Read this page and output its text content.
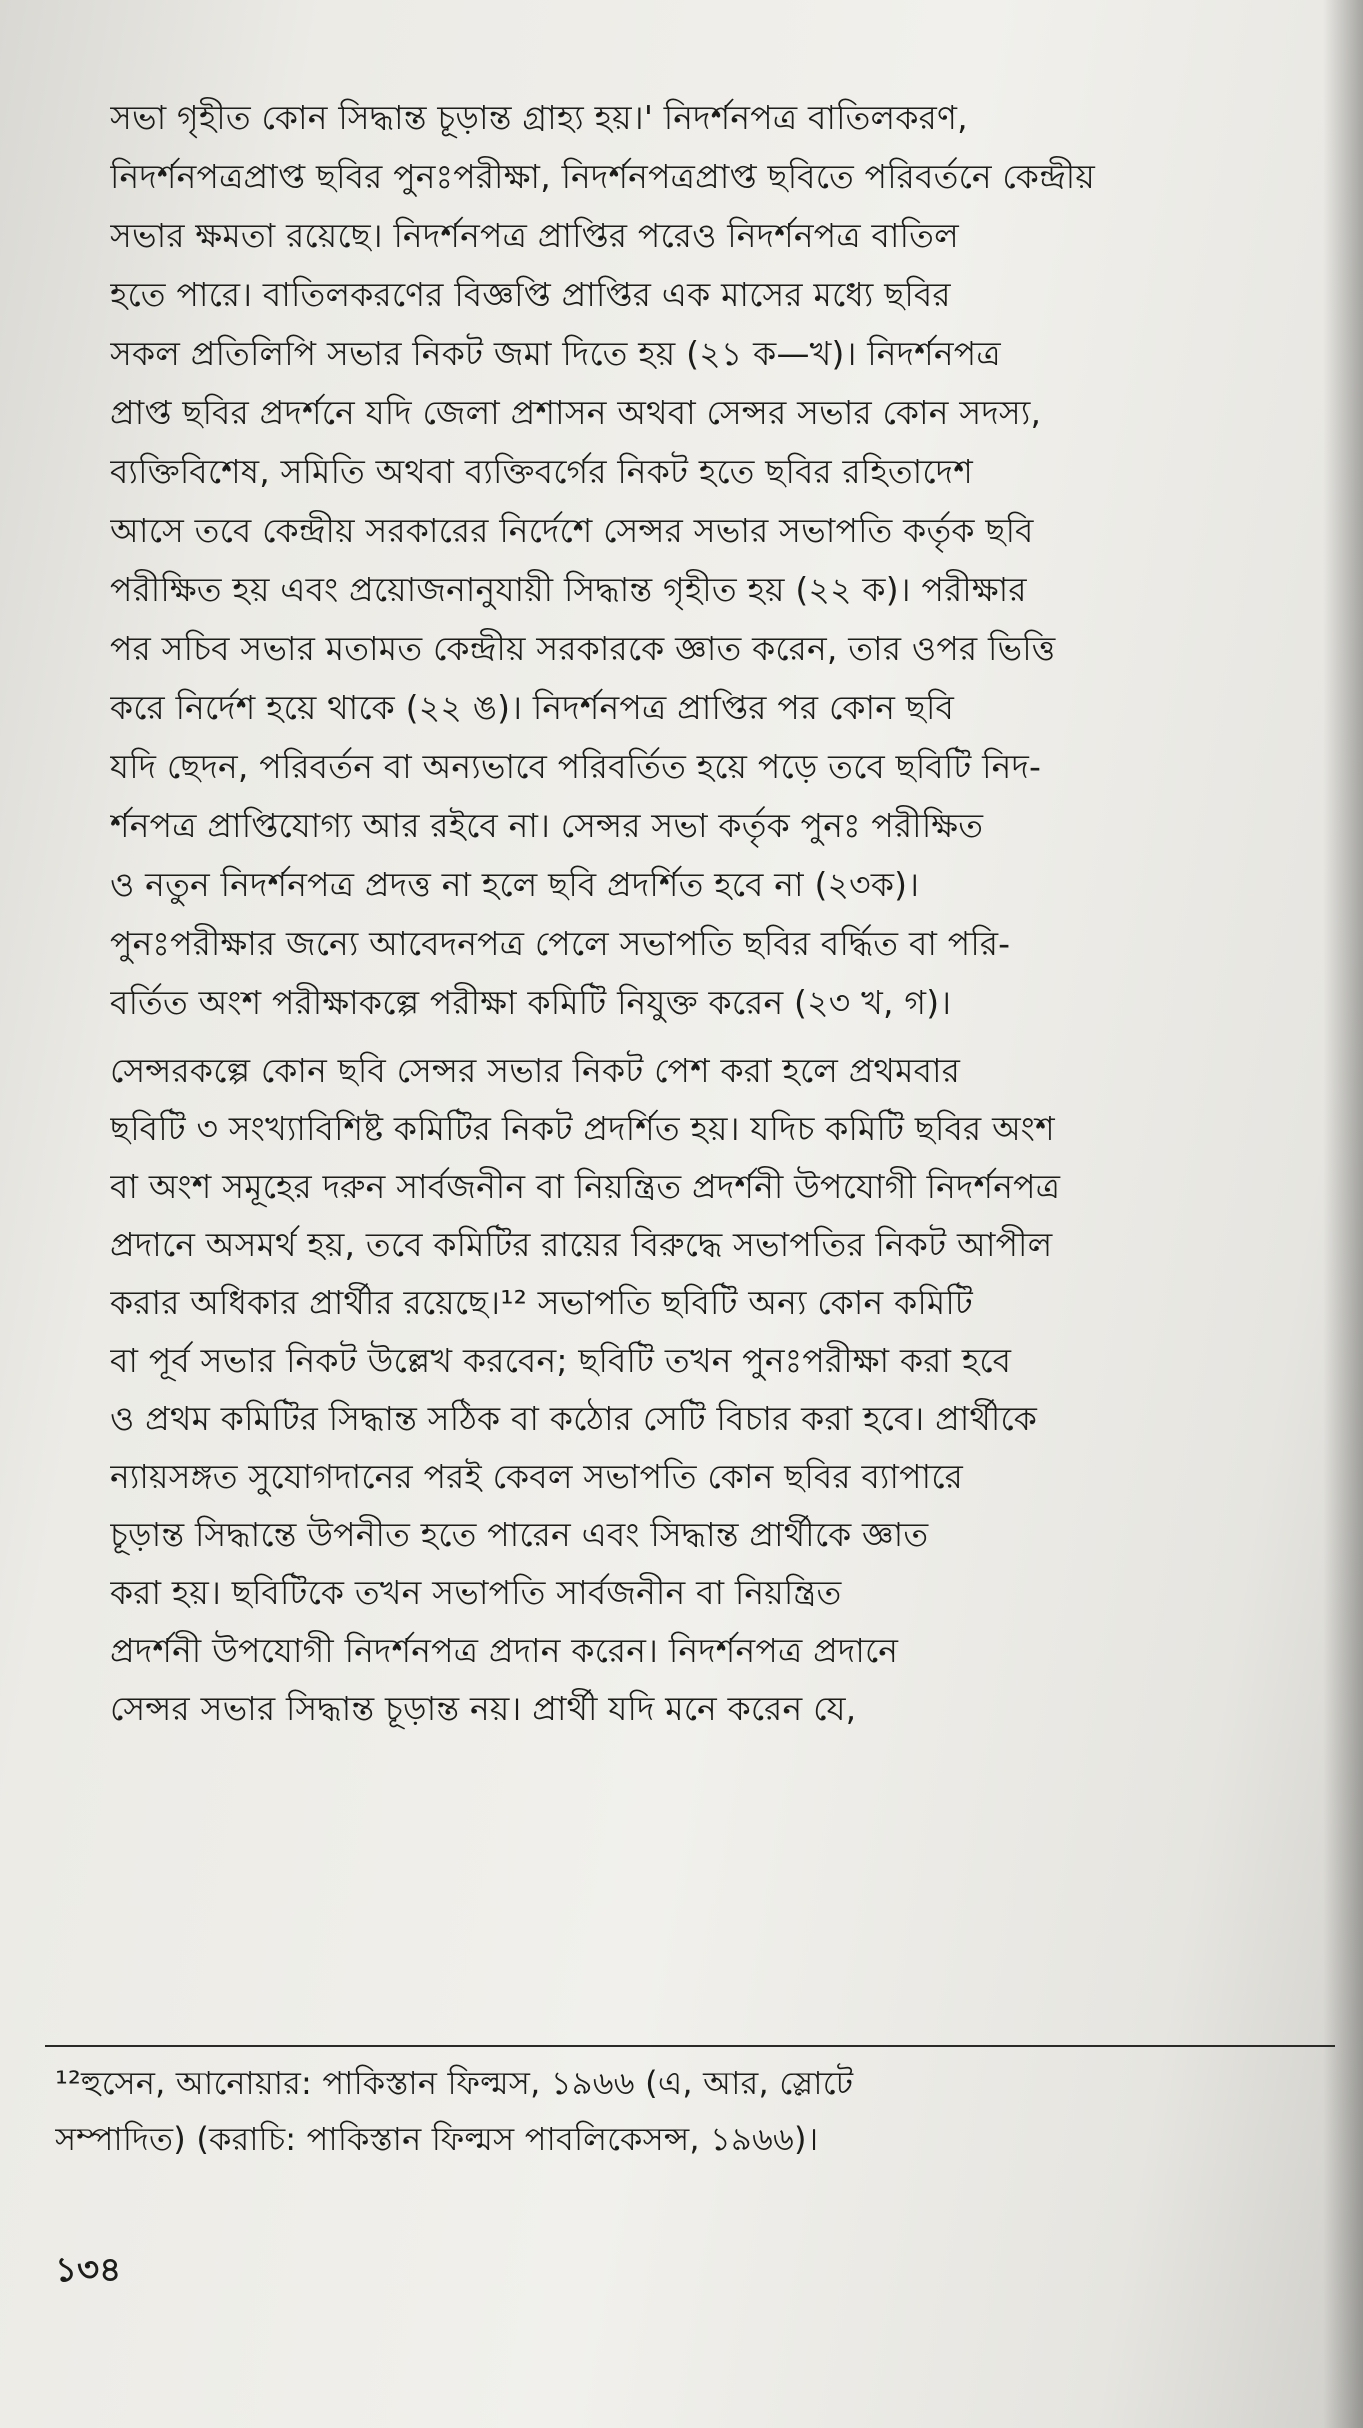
সভা গৃহীত কোন সিদ্ধান্ত চূড়ান্ত গ্রাহ্য হয়।' নিদর্শনপত্র বাতিলকরণ,
নিদর্শনপত্রপ্রাপ্ত ছবির পুনঃপরীক্ষা, নিদর্শনপত্রপ্রাপ্ত ছবিতে পরিবর্তনে কেন্দ্রীয়
সভার ক্ষমতা রয়েছে। নিদর্শনপত্র প্রাপ্তির পরেও নিদর্শনপত্র বাতিল
হতে পারে। বাতিলকরণের বিজ্ঞপ্তি প্রাপ্তির এক মাসের মধ্যে ছবির
সকল প্রতিলিপি সভার নিকট জমা দিতে হয় (২১ ক—খ)। নিদর্শনপত্র
প্রাপ্ত ছবির প্রদর্শনে যদি জেলা প্রশাসন অথবা সেন্সর সভার কোন সদস্য,
ব্যক্তিবিশেষ, সমিতি অথবা ব্যক্তিবর্গের নিকট হতে ছবির রহিতাদেশ
আসে তবে কেন্দ্রীয় সরকারের নির্দেশে সেন্সর সভার সভাপতি কর্তৃক ছবি
পরীক্ষিত হয় এবং প্রয়োজনানুযায়ী সিদ্ধান্ত গৃহীত হয় (২২ ক)। পরীক্ষার
পর সচিব সভার মতামত কেন্দ্রীয় সরকারকে জ্ঞাত করেন, তার ওপর ভিত্তি
করে নির্দেশ হয়ে থাকে (২২ ঙ)। নিদর্শনপত্র প্রাপ্তির পর কোন ছবি
যদি ছেদন, পরিবর্তন বা অন্যভাবে পরিবর্তিত হয়ে পড়ে তবে ছবিটি নিদ-
র্শনপত্র প্রাপ্তিযোগ্য আর রইবে না। সেন্সর সভা কর্তৃক পুনঃ পরীক্ষিত
ও নতুন নিদর্শনপত্র প্রদত্ত না হলে ছবি প্রদর্শিত হবে না (২৩ক)।
পুনঃপরীক্ষার জন্যে আবেদনপত্র পেলে সভাপতি ছবির বর্দ্ধিত বা পরি-
বর্তিত অংশ পরীক্ষাকল্পে পরীক্ষা কমিটি নিযুক্ত করেন (২৩ খ, গ)।
সেন্সরকল্পে কোন ছবি সেন্সর সভার নিকট পেশ করা হলে প্রথমবার
ছবিটি ৩ সংখ্যাবিশিষ্ট কমিটির নিকট প্রদর্শিত হয়। যদিচ কমিটি ছবির অংশ
বা অংশ সমূহের দরুন সার্বজনীন বা নিয়ন্ত্রিত প্রদর্শনী উপযোগী নিদর্শনপত্র
প্রদানে অসমর্থ হয়, তবে কমিটির রায়ের বিরুদ্ধে সভাপতির নিকট আপীল
করার অধিকার প্রার্থীর রয়েছে।¹² সভাপতি ছবিটি অন্য কোন কমিটি
বা পূর্ব সভার নিকট উল্লেখ করবেন; ছবিটি তখন পুনঃপরীক্ষা করা হবে
ও প্রথম কমিটির সিদ্ধান্ত সঠিক বা কঠোর সেটি বিচার করা হবে। প্রার্থীকে
ন্যায়সঙ্গত সুযোগদানের পরই কেবল সভাপতি কোন ছবির ব্যাপারে
চূড়ান্ত সিদ্ধান্তে উপনীত হতে পারেন এবং সিদ্ধান্ত প্রার্থীকে জ্ঞাত
করা হয়। ছবিটিকে তখন সভাপতি সার্বজনীন বা নিয়ন্ত্রিত
প্রদর্শনী উপযোগী নিদর্শনপত্র প্রদান করেন। নিদর্শনপত্র প্রদানে
সেন্সর সভার সিদ্ধান্ত চূড়ান্ত নয়। প্রার্থী যদি মনে করেন যে,
¹²হুসেন, আনোয়ার: পাকিস্তান ফিল্মস, ১৯৬৬ (এ, আর, স্লোটে
সম্পাদিত) (করাচি: পাকিস্তান ফিল্মস পাবলিকেসন্স, ১৯৬৬)।
১৩৪
